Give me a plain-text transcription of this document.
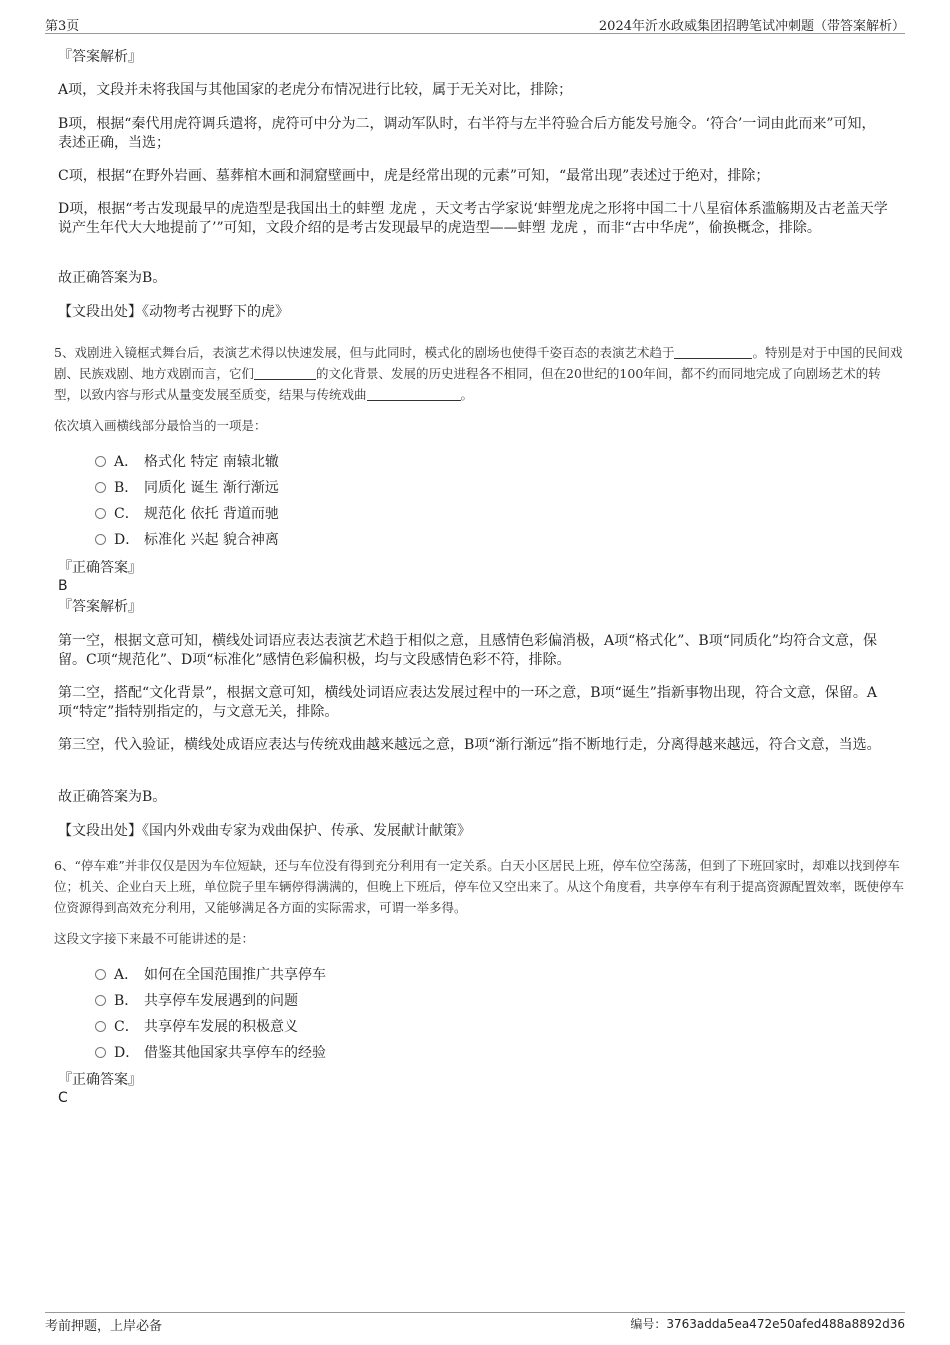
第3页	2024年沂水政威集团招聘笔试冲刺题（带答案解析）
『答案解析』
A项，文段并未将我国与其他国家的老虎分布情况进行比较，属于无关对比，排除；
B项，根据“秦代用虎符调兵遣将，虎符可中分为二，调动军队时，右半符与左半符验合后方能发号施令。‘符合’一词由此而来”可知，表述正确，当选；
C项，根据“在野外岩画、墓葬棺木画和洞窟壁画中，虎是经常出现的元素”可知，“最常出现”表述过于绝对，排除；
D项，根据“考古发现最早的虎造型是我国出土的蚌塑 龙虎 ，天文考古学家说‘蚌塑龙虎之形将中国二十八星宿体系滥觞期及古老盖天学说产生年代大大地提前了’”可知，文段介绍的是考古发现最早的虎造型——蚌塑 龙虎 ，而非“古中华虎”，偷换概念，排除。
故正确答案为B。
【文段出处】《动物考古视野下的虎》
5、戏剧进入镜框式舞台后，表演艺术得以快速发展，但与此同时，模式化的剧场也使得千姿百态的表演艺术趋于	。特别是对于中国的民间戏剧、民族戏剧、地方戏剧而言，它们	的文化背景、发展的历史进程各不相同，但在20世纪的100年间，都不约而同地完成了向剧场艺术的转型，以致内容与形式从量变发展至质变，结果与传统戏曲	。
依次填入画横线部分最恰当的一项是：
A． 格式化 特定 南辕北辙
B． 同质化 诞生 渐行渐远
C． 规范化 依托 背道而驰
D． 标准化 兴起 貌合神离
『正确答案』
B
『答案解析』
第一空，根据文意可知，横线处词语应表达表演艺术趋于相似之意，且感情色彩偏消极，A项“格式化”、B项“同质化”均符合文意，保留。C项“规范化”、D项“标准化”感情色彩偏积极，均与文段感情色彩不符，排除。
第二空，搭配“文化背景”，根据文意可知，横线处词语应表达发展过程中的一环之意，B项“诞生”指新事物出现，符合文意，保留。A项“特定”指特别指定的，与文意无关，排除。
第三空，代入验证，横线处成语应表达与传统戏曲越来越远之意，B项“渐行渐远”指不断地行走，分离得越来越远，符合文意，当选。
故正确答案为B。
【文段出处】《国内外戏曲专家为戏曲保护、传承、发展献计献策》
6、“停车难”并非仅仅是因为车位短缺，还与车位没有得到充分利用有一定关系。白天小区居民上班，停车位空荡荡，但到了下班回家时，却难以找到停车位；机关、企业白天上班，单位院子里车辆停得满满的，但晚上下班后，停车位又空出来了。从这个角度看，共享停车有利于提高资源配置效率，既使停车位资源得到高效充分利用，又能够满足各方面的实际需求，可谓一举多得。
这段文字接下来最不可能讲述的是：
A． 如何在全国范围推广共享停车
B． 共享停车发展遇到的问题
C． 共享停车发展的积极意义
D． 借鉴其他国家共享停车的经验
『正确答案』
C
考前押题，上岸必备	编号：3763adda5ea472e50afed488a8892d36
